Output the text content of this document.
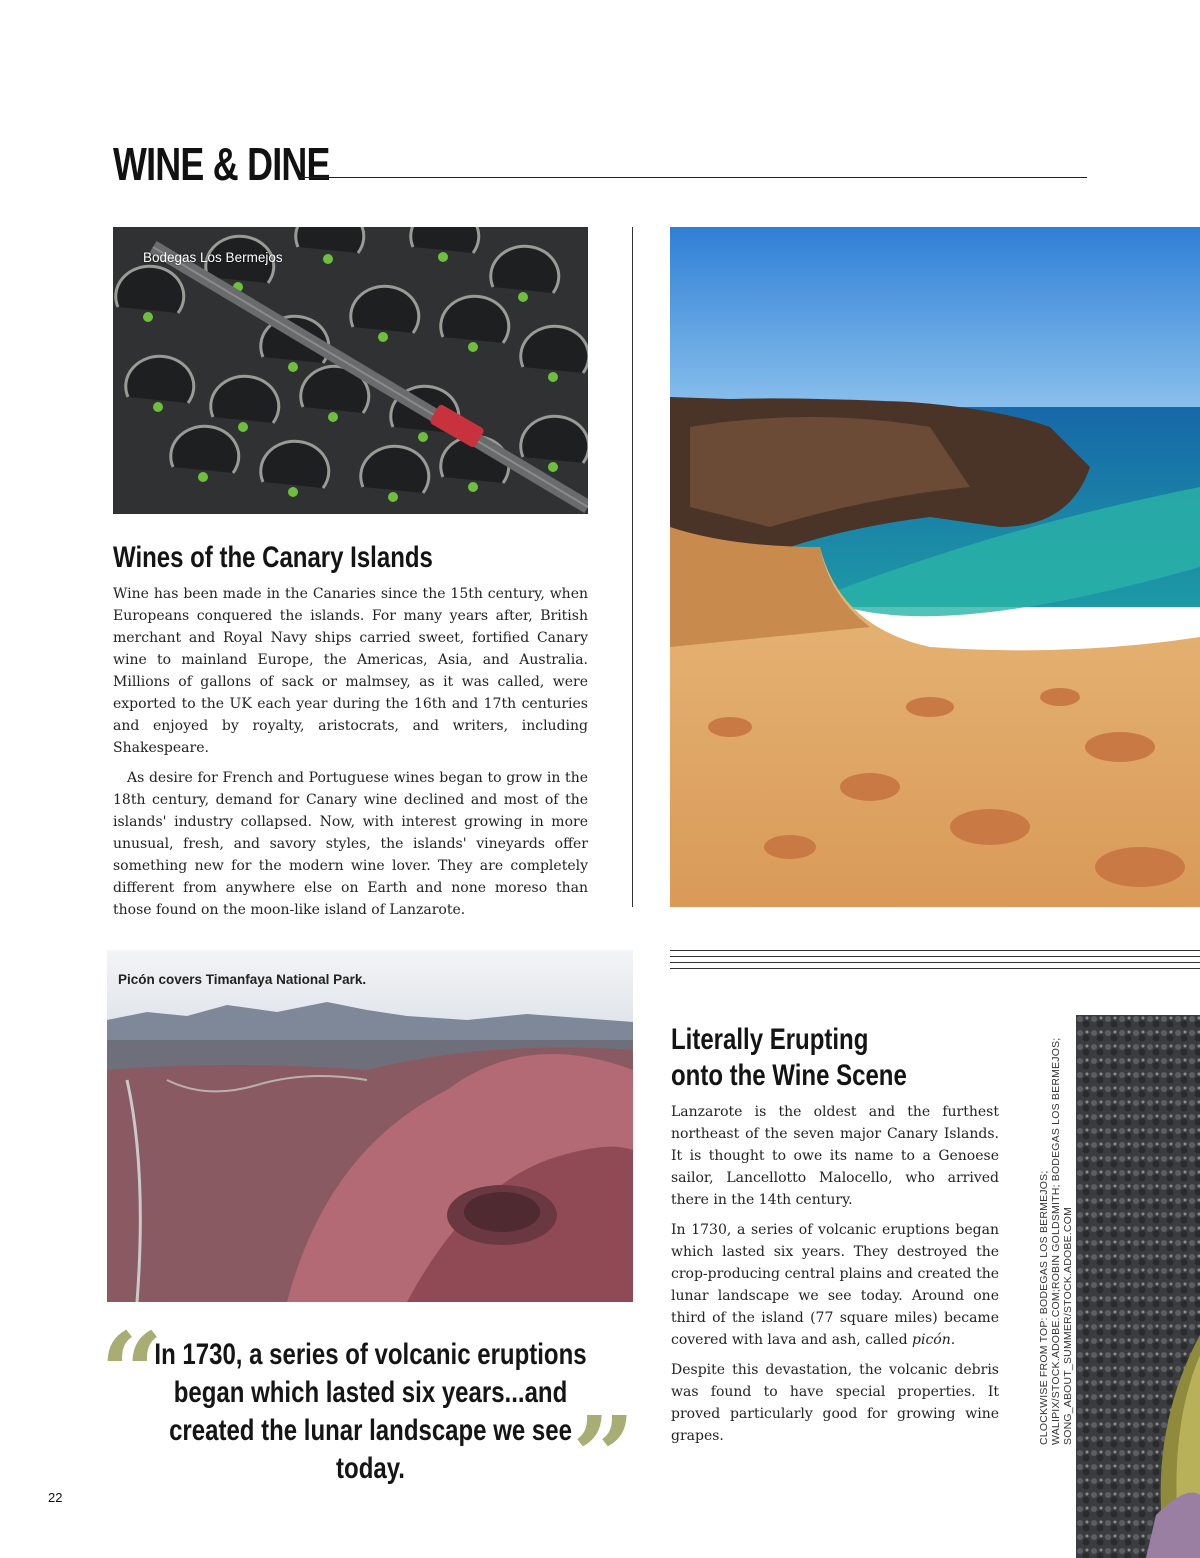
WINE & DINE
Bodegas Los Bermejos
Wines of the Canary Islands

Wine has been made in the Canaries since the 15th century, when Europeans conquered the islands. For many years after, British merchant and Royal Navy ships carried sweet, fortified Canary wine to mainland Europe, the Americas, Asia, and Australia. Millions of gallons of sack or malmsey, as it was called, were exported to the UK each year during the 16th and 17th centuries and enjoyed by royalty, aristocrats, and writers, including Shakespeare.

As desire for French and Portuguese wines began to grow in the 18th century, demand for Canary wine declined and most of the islands' industry collapsed. Now, with interest growing in more unusual, fresh, and savory styles, the islands' vineyards offer something new for the modern wine lover. They are completely different from anywhere else on Earth and none moreso than those found on the moon-like island of Lanzarote.

Picón covers Timanfaya National Park.
“
In 1730, a series of volcanic eruptions began which lasted six years...and created the lunar landscape we see today.	”
Literally Erupting
onto the Wine Scene

Lanzarote is the oldest and the furthest northeast of the seven major Canary Islands. It is thought to owe its name to a Genoese sailor, Lancellotto Malocello, who arrived there in the 14th century.

In 1730, a series of volcanic eruptions began which lasted six years. They destroyed the crop-producing central plains and created the lunar landscape we see today. Around one third of the island (77 square miles) became covered with lava and ash, called picón.

Despite this devastation, the volcanic debris was found to have special properties. It proved particularly good for growing wine grapes.	CLOCKWISE FROM TOP: BODEGAS LOS BERMEJOS; WALIPIX/STOCK.ADOBE.COM;ROBIN GOLDSMITH; BODEGAS LOS BERMEJOS; SONG_ABOUT_SUMMER/STOCK.ADOBE.COM
22
